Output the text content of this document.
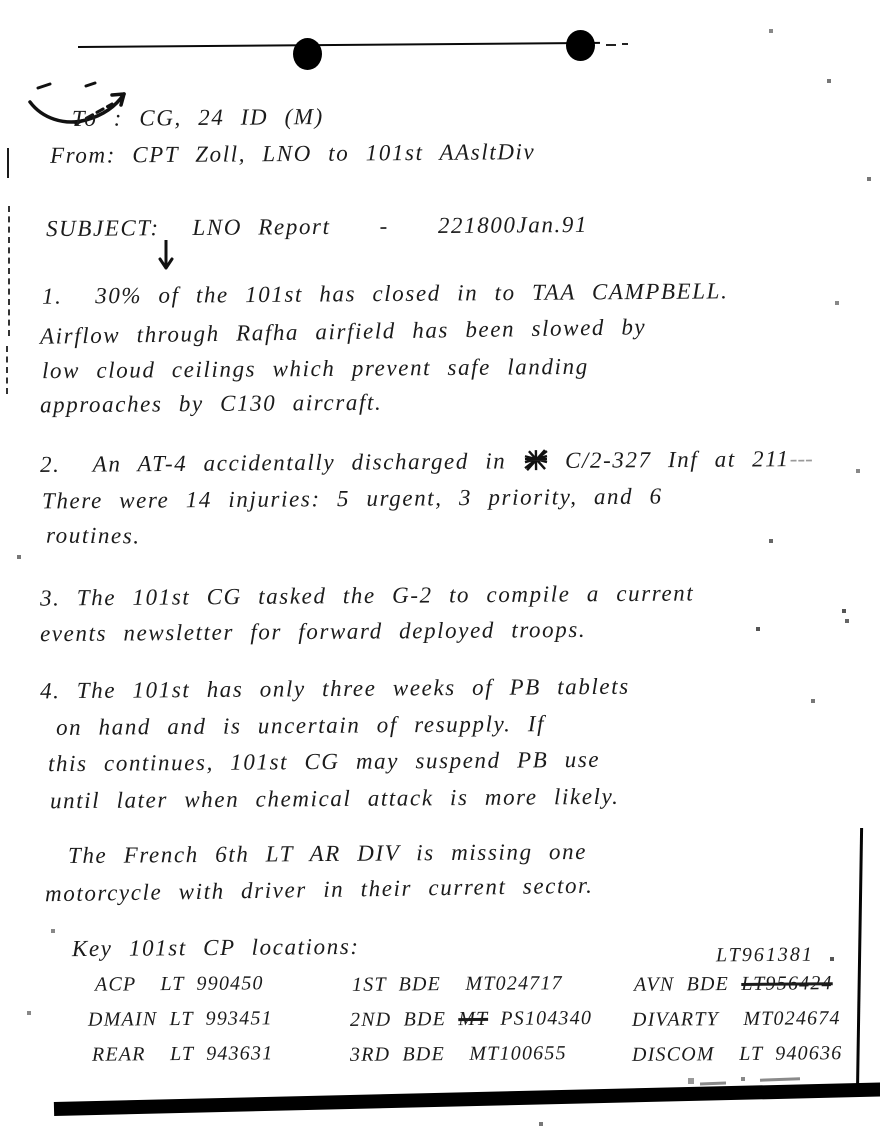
To : CG, 24 ID (M)
From: CPT Zoll, LNO to 101st AAsltDiv
SUBJECT:  LNO Report   -   221800Jan.91
1.  30% of the 101st has closed in to TAA CAMPBELL.
Airflow through Rafha airfield has been slowed by
low cloud ceilings which prevent safe landing
approaches by C130 aircraft.
2.  An AT-4 accidentally discharged in  C/2-327 Inf at 211---
There were 14 injuries: 5 urgent, 3 priority, and 6
routines.
3. The 101st CG tasked the G-2 to compile a current
events newsletter for forward deployed troops.
4. The 101st has only three weeks of PB tablets
on hand and is uncertain of resupply. If
this continues, 101st CG may suspend PB use
until later when chemical attack is more likely.
The French 6th LT AR DIV is missing one
motorcycle with driver in their current sector.
Key 101st CP locations:	LT961381
ACP  LT 990450	1ST BDE  MT024717	AVN BDE LT956424
DMAIN LT 993451	2ND BDE MT PS104340 DIVARTY  MT024674
REAR  LT 943631	3RD BDE  MT100655	DISCOM  LT 940636
